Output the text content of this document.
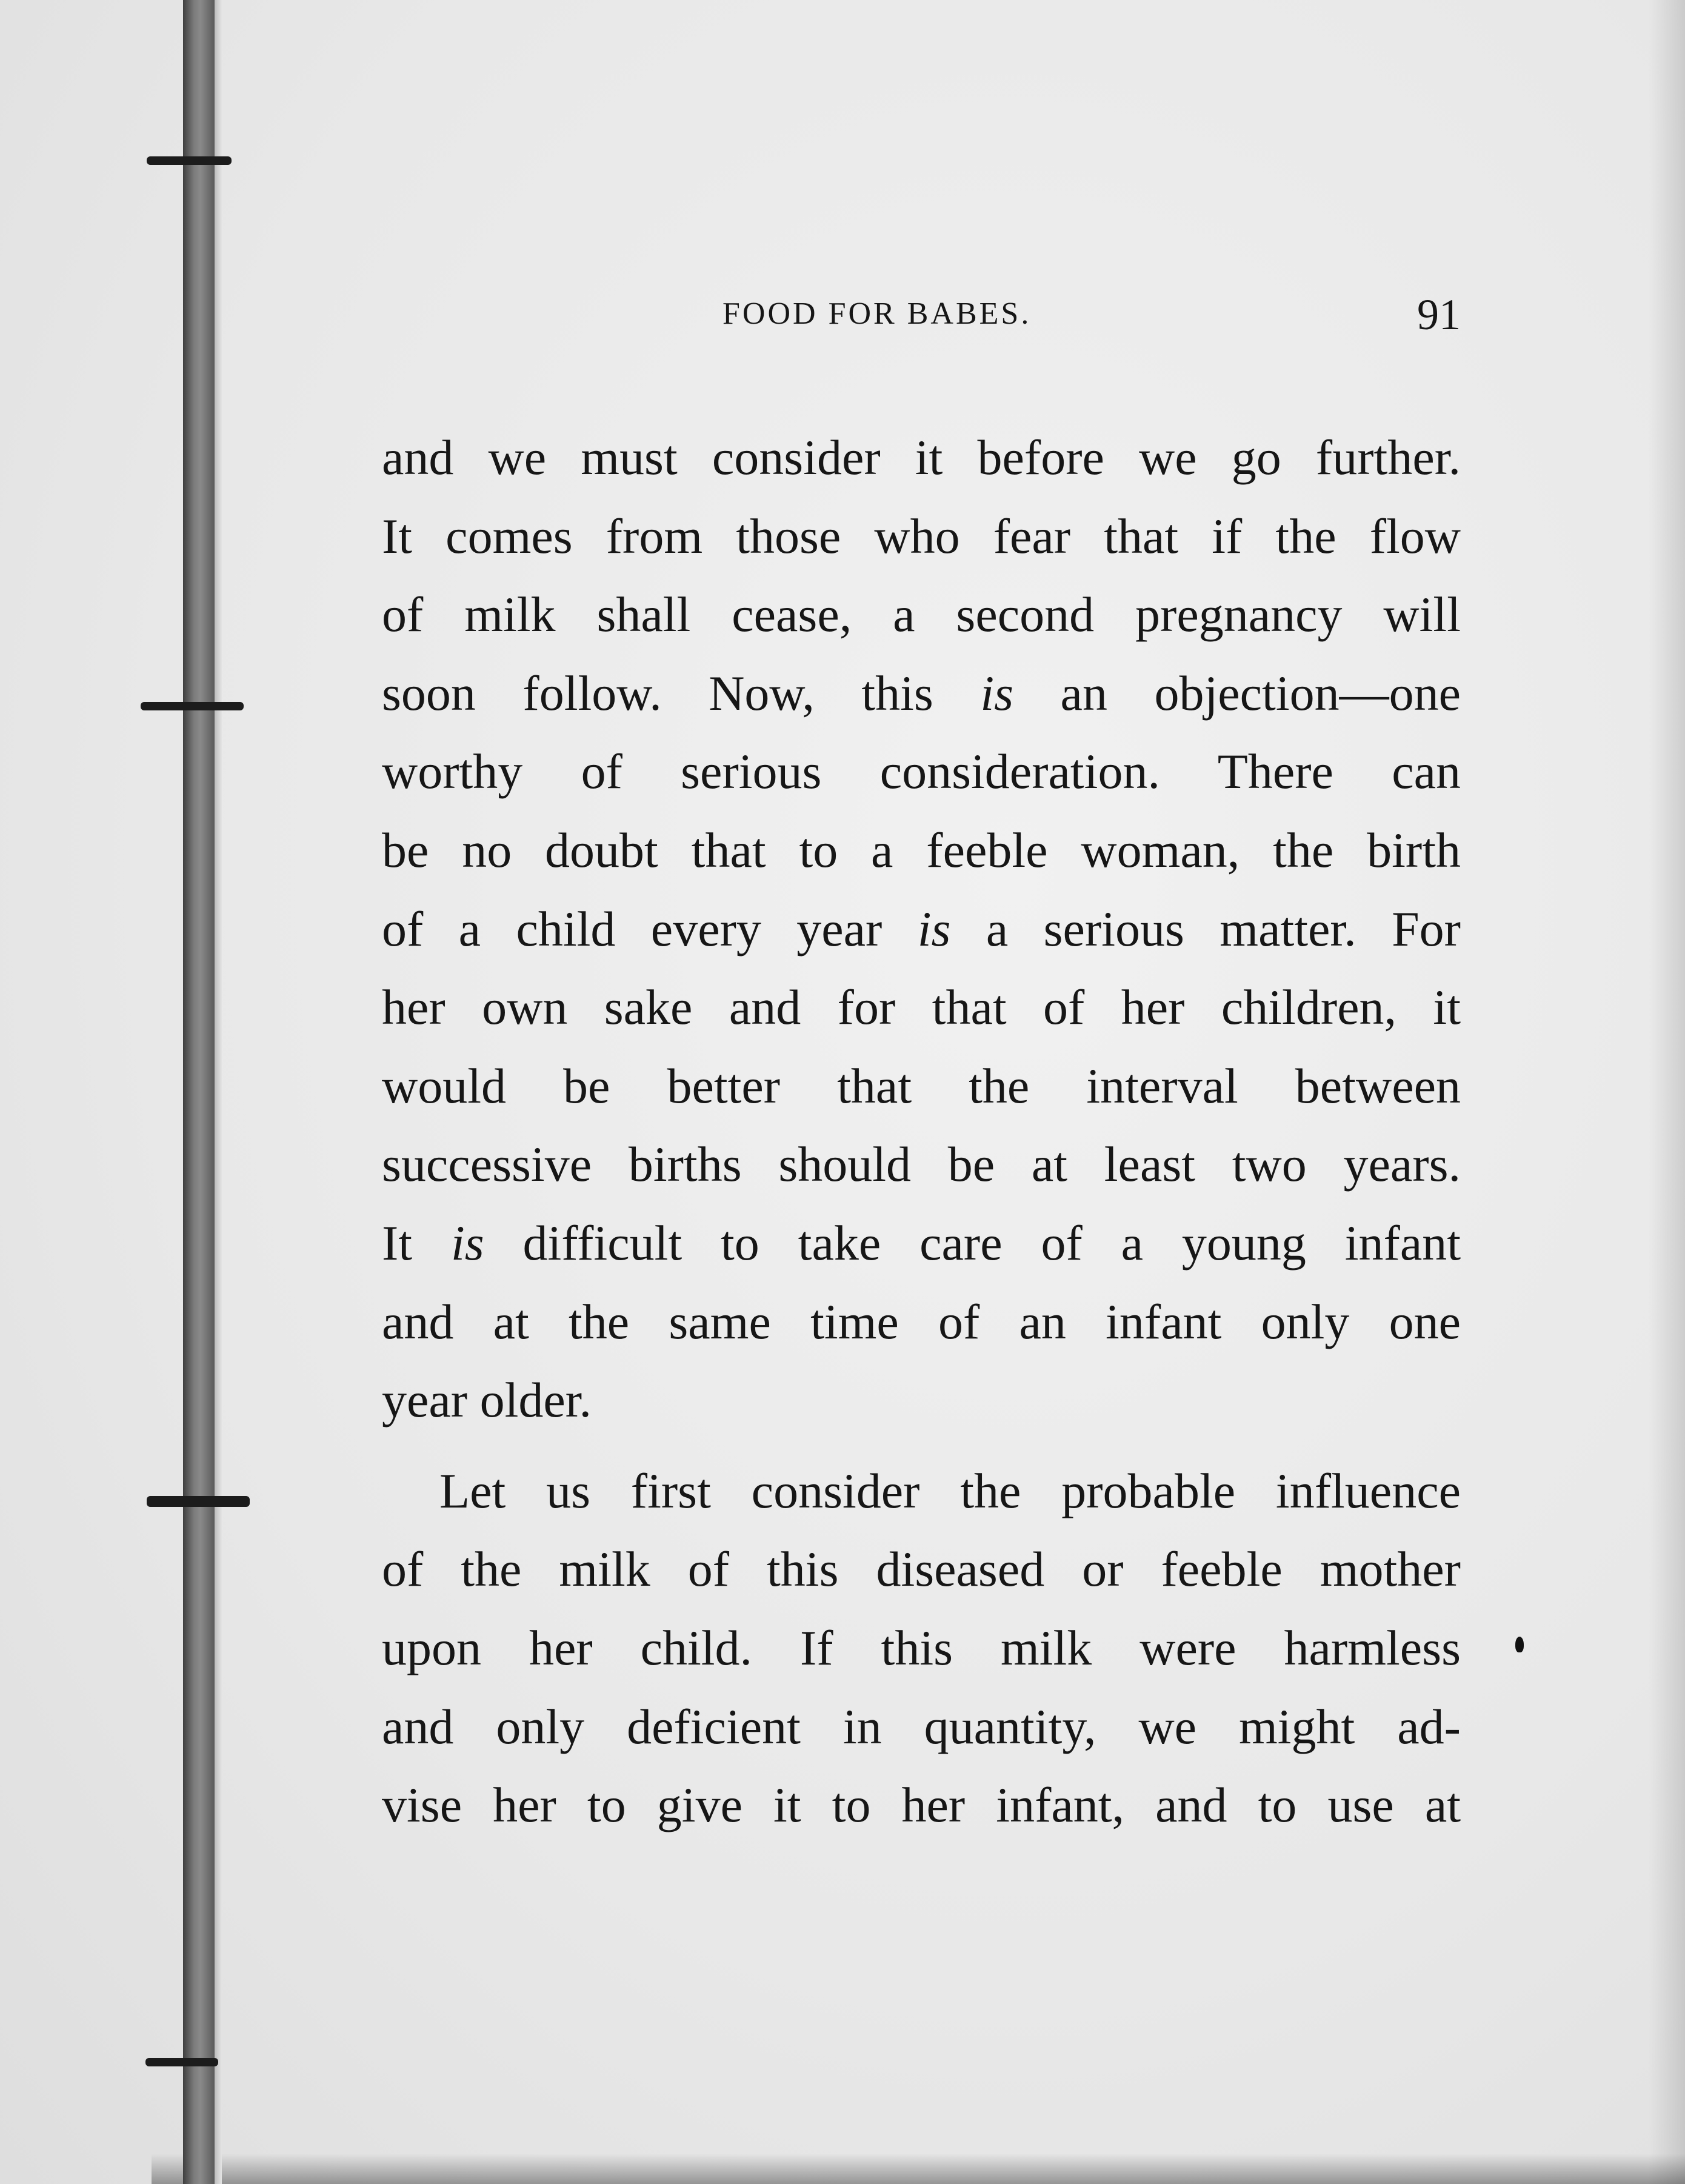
FOOD FOR BABES.	91
and we must consider it before we go further.
It comes from those who fear that if the flow
of milk shall cease, a second pregnancy will
soon follow. Now, this is an objection—one
worthy of serious consideration. There can
be no doubt that to a feeble woman, the birth
of a child every year is a serious matter. For
her own sake and for that of her children, it
would be better that the interval between
successive births should be at least two years.
It is difficult to take care of a young infant
and at the same time of an infant only one
year older.
Let us first consider the probable influence
of the milk of this diseased or feeble mother
upon her child. If this milk were harmless
and only deficient in quantity, we might ad-
vise her to give it to her infant, and to use at
